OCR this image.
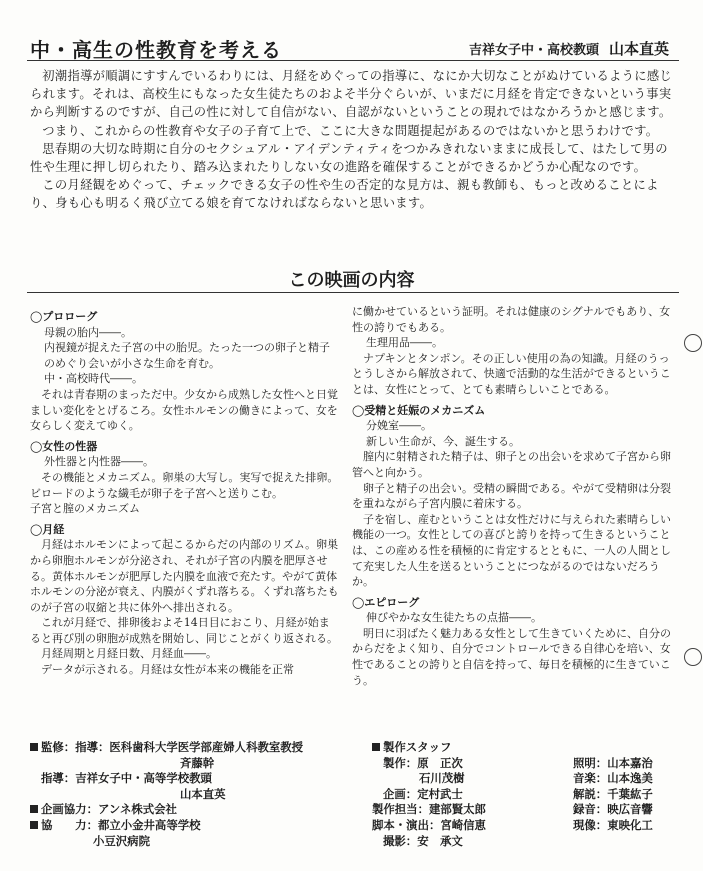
中・高生の性教育を考える	吉祥女子中・高校教頭 山本直英

初潮指導が順調にすすんでいるわりには、月経をめぐっての指導に、なにか大切なことがぬけているように感じられます。それは、高校生にもなった女生徒たちのおよそ半分ぐらいが、いまだに月経を肯定できないという事実から判断するのですが、自己の性に対して自信がない、自認がないということの現れではなかろうかと感じます。

つまり、これからの性教育や女子の子育て上で、ここに大きな問題提起があるのではないかと思うわけです。

思春期の大切な時期に自分のセクシュアル・アイデンティティをつかみきれないままに成長して、はたして男の性や生理に押し切られたり、踏み込まれたりしない女の進路を確保することができるかどうか心配なのです。

この月経観をめぐって、チェックできる女子の性や生の否定的な見方は、親も教師も、もっと改めることにより、身も心も明るく飛び立てる娘を育てなければならないと思います。

この映画の内容

◯プロローグ

母親の胎内――。

内視鏡が捉えた子宮の中の胎児。たった一つの卵子と精子のめぐり会いが小さな生命を育む。

中・高校時代――。

それは青春期のまっただ中。少女から成熟した女性へと日覚ましい変化をとげるころ。女性ホルモンの働きによって、女を女らしく変えてゆく。

◯女性の性器

外性器と内性器――。

その機能とメカニズム。卵巣の大写し。実写で捉えた排卵。ビロードのような繊毛が卵子を子宮へと送りこむ。

子宮と膣のメカニズム

◯月経

月経はホルモンによって起こるからだの内部のリズム。卵巣から卵胞ホルモンが分泌され、それが子宮の内膜を肥厚させる。黄体ホルモンが肥厚した内膜を血液で充たす。やがて黄体ホルモンの分泌が衰え、内膜がくずれ落ちる。くずれ落ちたものが子宮の収縮と共に体外へ排出される。

これが月経で、排卵後およそ14日目におこり、月経が始まると再び別の卵胞が成熟を開始し、同じことがくり返される。

月経周期と月経日数、月経血――。

データが示される。月経は女性が本来の機能を正常

に働かせているという証明。それは健康のシグナルでもあり、女性の誇りでもある。

生理用品――。

ナプキンとタンポン。その正しい使用の為の知識。月経のうっとうしさから解放されて、快適で活動的な生活ができるということは、女性にとって、とても素晴らしいことである。

◯受精と妊娠のメカニズム

分娩室――。

新しい生命が、今、誕生する。

膣内に射精された精子は、卵子との出会いを求めて子宮から卵管へと向かう。

卵子と精子の出会い。受精の瞬間である。やがて受精卵は分裂を重ねながら子宮内膜に着床する。

子を宿し、産むということは女性だけに与えられた素晴らしい機能の一つ。女性としての喜びと誇りを持って生きるということは、この産める性を積極的に肯定するとともに、一人の人間として充実した人生を送るということにつながるのではないだろうか。

◯エピローグ

伸びやかな女生徒たちの点描――。

明日に羽ばたく魅力ある女性として生きていくために、自分のからだをよく知り、自分でコントロールできる自律心を培い、女性であることの誇りと自信を持って、毎日を積極的に生きていこう。

監修：指導：医科歯科大学医学部産婦人科教室教授
斉藤幹
指導：吉祥女子中・高等学校教頭
山本直英
企画協力：アンネ株式会社
協　　力：都立小金井高等学校
小豆沢病院
製作スタッフ
製作：原　正次
石川茂樹
企画：定村武士
製作担当：建部賢太郎
脚本・演出：宮崎信恵
撮影：安　承文
照明：山本嘉治
音楽：山本逸美
解説：千葉紘子
録音：映広音響
現像：東映化工
